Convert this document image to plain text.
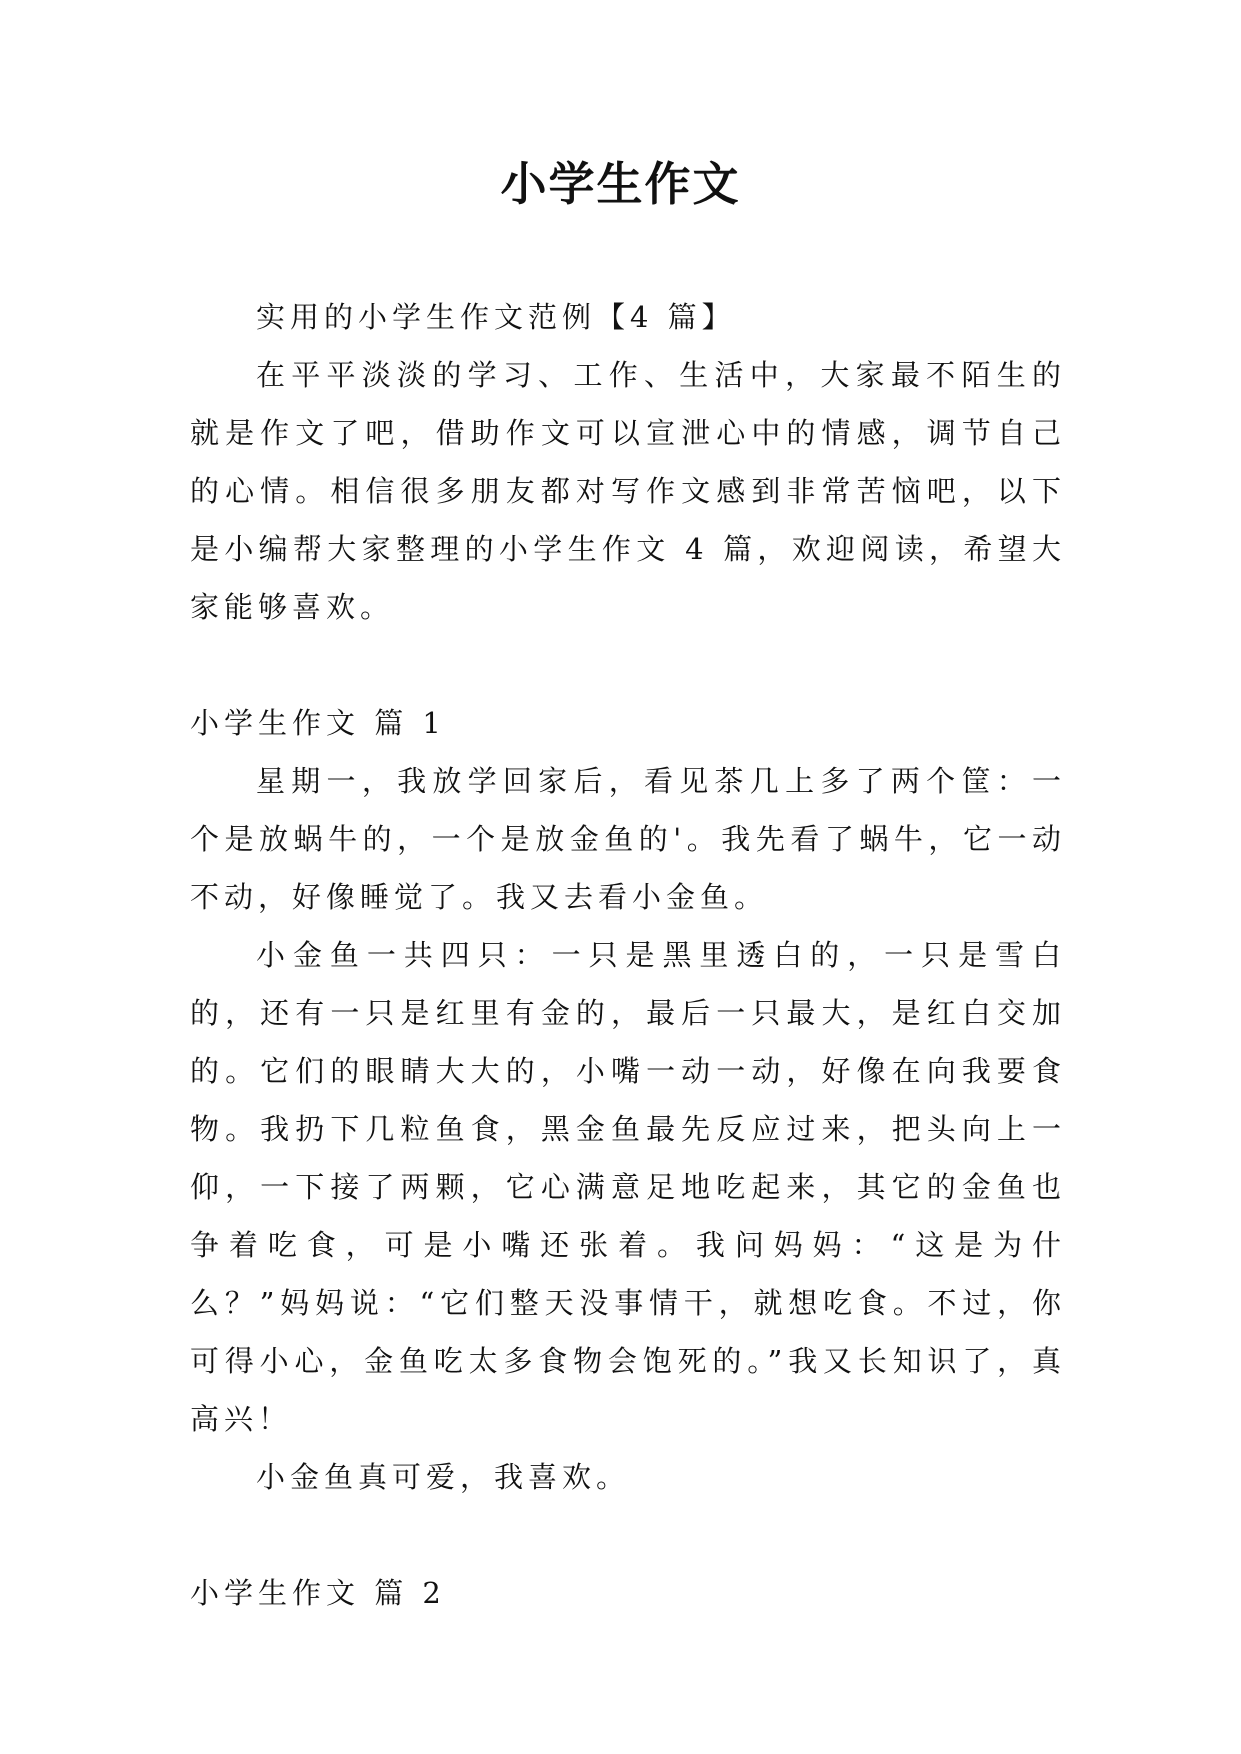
小学生作文

实用的小学生作文范例【4 篇】

在平平淡淡的学习、工作、生活中，大家最不陌生的就是作文了吧，借助作文可以宣泄心中的情感，调节自己的心情。相信很多朋友都对写作文感到非常苦恼吧，以下是小编帮大家整理的小学生作文 4 篇，欢迎阅读，希望大家能够喜欢。

小学生作文 篇 1

星期一，我放学回家后，看见茶几上多了两个筐：一个是放蜗牛的，一个是放金鱼的'。我先看了蜗牛，它一动不动，好像睡觉了。我又去看小金鱼。

小金鱼一共四只：一只是黑里透白的，一只是雪白的，还有一只是红里有金的，最后一只最大，是红白交加的。它们的眼睛大大的，小嘴一动一动，好像在向我要食物。我扔下几粒鱼食，黑金鱼最先反应过来，把头向上一仰，一下接了两颗，它心满意足地吃起来，其它的金鱼也争着吃食，可是小嘴还张着。我问妈妈：“这是为什么？”妈妈说：“它们整天没事情干，就想吃食。不过，你可得小心，金鱼吃太多食物会饱死的。”我又长知识了，真高兴！

小金鱼真可爱，我喜欢。

小学生作文 篇 2
